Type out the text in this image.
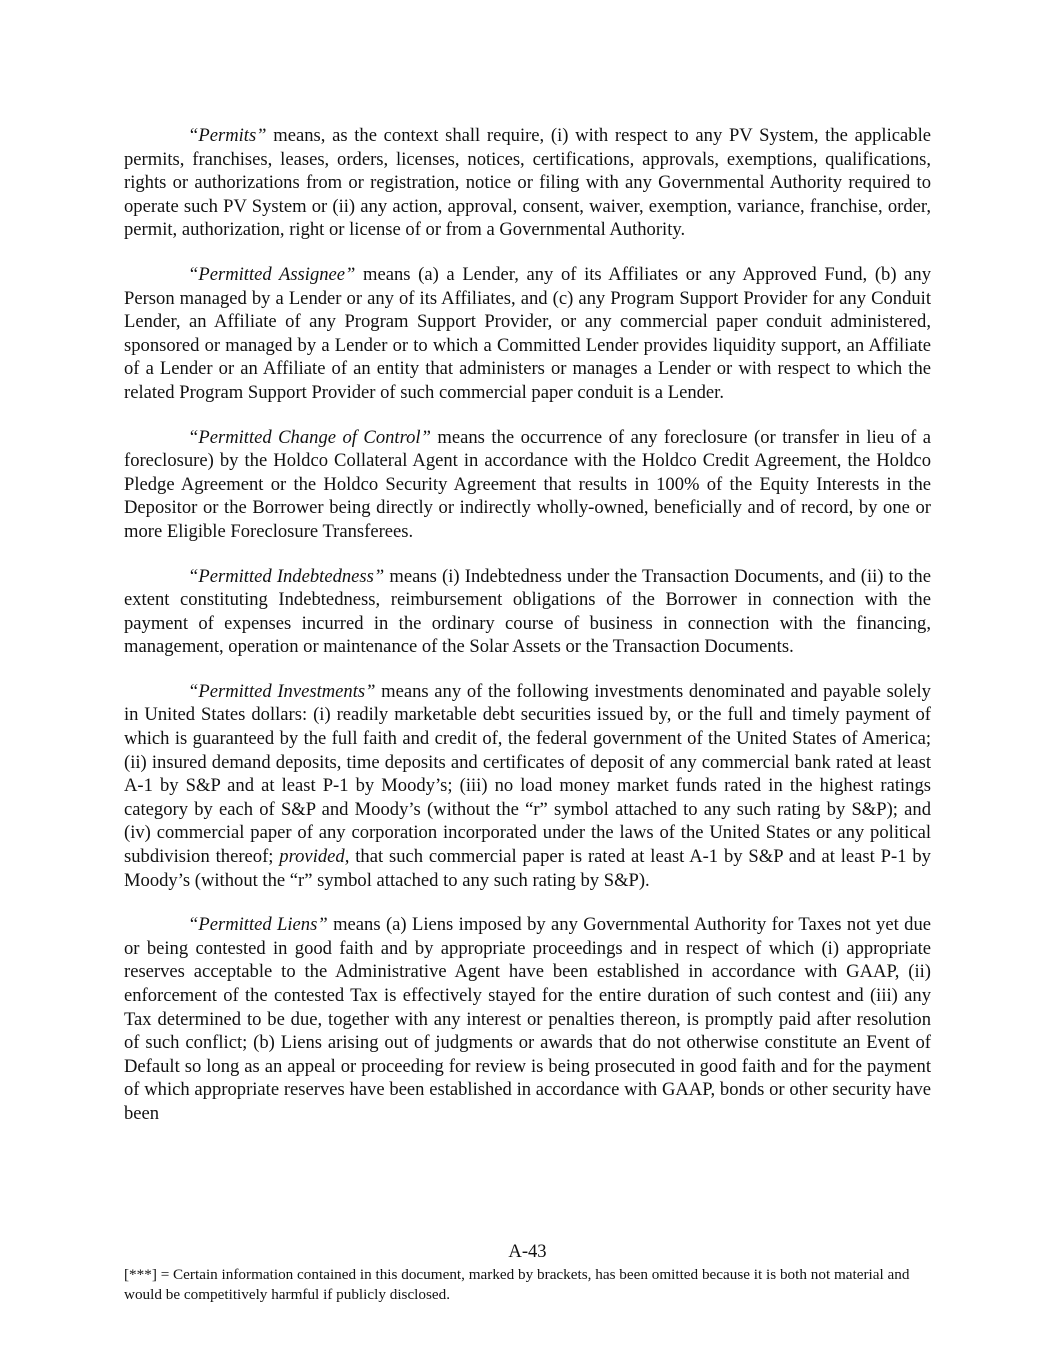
“Permits” means, as the context shall require, (i) with respect to any PV System, the applicable permits, franchises, leases, orders, licenses, notices, certifications, approvals, exemptions, qualifications, rights or authorizations from or registration, notice or filing with any Governmental Authority required to operate such PV System or (ii) any action, approval, consent, waiver, exemption, variance, franchise, order, permit, authorization, right or license of or from a Governmental Authority.

“Permitted Assignee” means (a) a Lender, any of its Affiliates or any Approved Fund, (b) any Person managed by a Lender or any of its Affiliates, and (c) any Program Support Provider for any Conduit Lender, an Affiliate of any Program Support Provider, or any commercial paper conduit administered, sponsored or managed by a Lender or to which a Committed Lender provides liquidity support, an Affiliate of a Lender or an Affiliate of an entity that administers or manages a Lender or with respect to which the related Program Support Provider of such commercial paper conduit is a Lender.

“Permitted Change of Control” means the occurrence of any foreclosure (or transfer in lieu of a foreclosure) by the Holdco Collateral Agent in accordance with the Holdco Credit Agreement, the Holdco Pledge Agreement or the Holdco Security Agreement that results in 100% of the Equity Interests in the Depositor or the Borrower being directly or indirectly wholly-owned, beneficially and of record, by one or more Eligible Foreclosure Transferees.

“Permitted Indebtedness” means (i) Indebtedness under the Transaction Documents, and (ii) to the extent constituting Indebtedness, reimbursement obligations of the Borrower in connection with the payment of expenses incurred in the ordinary course of business in connection with the financing, management, operation or maintenance of the Solar Assets or the Transaction Documents.

“Permitted Investments” means any of the following investments denominated and payable solely in United States dollars: (i) readily marketable debt securities issued by, or the full and timely payment of which is guaranteed by the full faith and credit of, the federal government of the United States of America; (ii) insured demand deposits, time deposits and certificates of deposit of any commercial bank rated at least A-1 by S&P and at least P-1 by Moody’s; (iii) no load money market funds rated in the highest ratings category by each of S&P and Moody’s (without the “r” symbol attached to any such rating by S&P); and (iv) commercial paper of any corporation incorporated under the laws of the United States or any political subdivision thereof; provided, that such commercial paper is rated at least A-1 by S&P and at least P-1 by Moody’s (without the “r” symbol attached to any such rating by S&P).

“Permitted Liens” means (a) Liens imposed by any Governmental Authority for Taxes not yet due or being contested in good faith and by appropriate proceedings and in respect of which (i) appropriate reserves acceptable to the Administrative Agent have been established in accordance with GAAP, (ii) enforcement of the contested Tax is effectively stayed for the entire duration of such contest and (iii) any Tax determined to be due, together with any interest or penalties thereon, is promptly paid after resolution of such conflict; (b) Liens arising out of judgments or awards that do not otherwise constitute an Event of Default so long as an appeal or proceeding for review is being prosecuted in good faith and for the payment of which appropriate reserves have been established in accordance with GAAP, bonds or other security have been

A-43
[***] = Certain information contained in this document, marked by brackets, has been omitted because it is both not material and would be competitively harmful if publicly disclosed.
